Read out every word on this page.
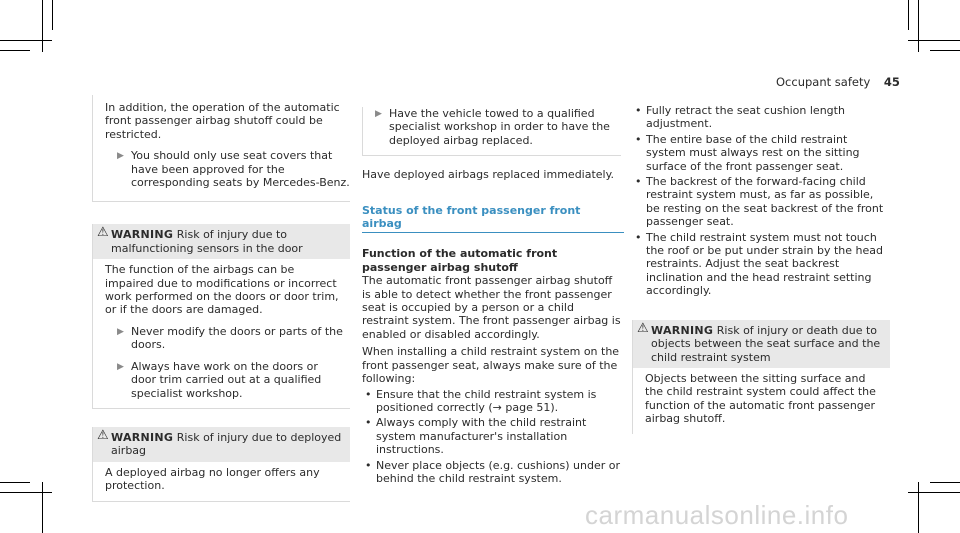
Occupant safety 45

In addition, the operation of the automatic front passenger airbag shutoff could be restricted.

▶ You should only use seat covers that have been approved for the corresponding seats by Mercedes-Benz.
⚠ WARNING Risk of injury due to malfunctioning sensors in the door

The function of the airbags can be impaired due to modifications or incorrect work performed on the doors or door trim, or if the doors are damaged.

▶ Never modify the doors or parts of the doors.
▶ Always have work on the doors or door trim carried out at a qualified specialist workshop.
⚠ WARNING Risk of injury due to deployed airbag

A deployed airbag no longer offers any protection.

▶ Have the vehicle towed to a qualified specialist workshop in order to have the deployed airbag replaced.

Have deployed airbags replaced immediately.

Status of the front passenger front airbag

Function of the automatic front passenger airbag shutoff

The automatic front passenger airbag shutoff is able to detect whether the front passenger seat is occupied by a person or a child restraint system. The front passenger airbag is enabled or disabled accordingly.

When installing a child restraint system on the front passenger seat, always make sure of the following:

• Ensure that the child restraint system is positioned correctly (→ page 51).
• Always comply with the child restraint system manufacturer's installation instructions.
• Never place objects (e.g. cushions) under or behind the child restraint system.
• Fully retract the seat cushion length adjustment.
• The entire base of the child restraint system must always rest on the sitting surface of the front passenger seat.
• The backrest of the forward-facing child restraint system must, as far as possible, be resting on the seat backrest of the front passenger seat.
• The child restraint system must not touch the roof or be put under strain by the head restraints. Adjust the seat backrest inclination and the head restraint setting accordingly.
⚠ WARNING Risk of injury or death due to objects between the seat surface and the child restraint system

Objects between the sitting surface and the child restraint system could affect the function of the automatic front passenger airbag shutoff.

carmanualsonline.info
